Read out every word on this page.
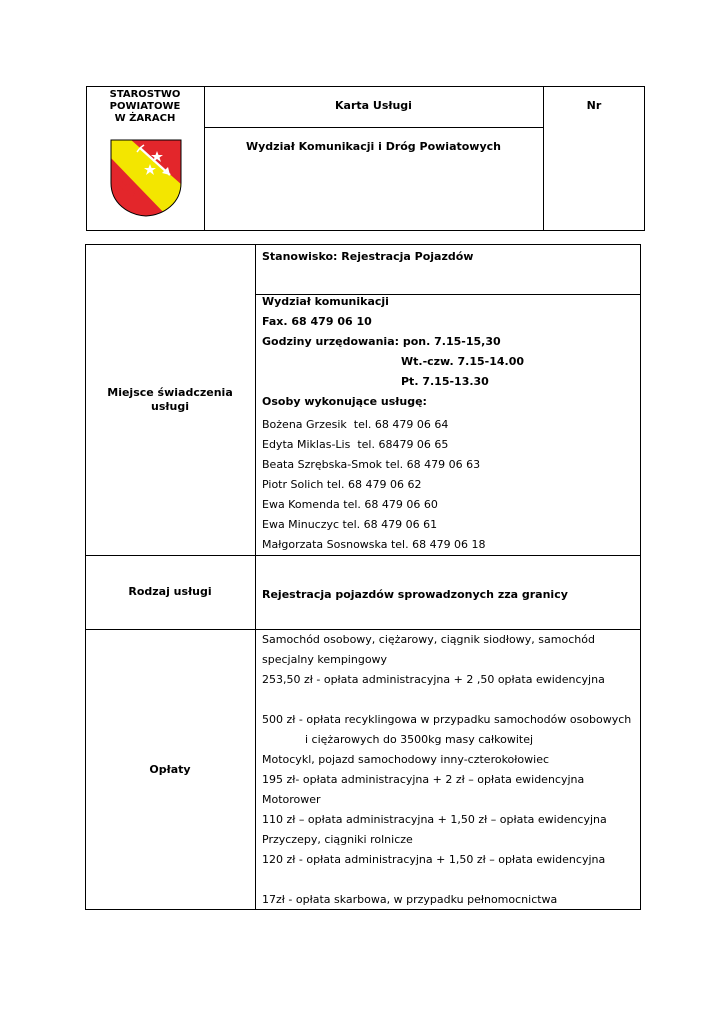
STAROSTWO
POWIATOWE
W ŻARACH
Karta Usługi	Nr
Wydział Komunikacji i Dróg Powiatowych
Stanowisko: Rejestracja Pojazdów
Miejsce świadczenia usługi
Wydział komunikacji
Fax. 68 479 06 10
Godziny urzędowania: pon. 7.15-15,30
Wt.-czw. 7.15-14.00
Pt. 7.15-13.30
Osoby wykonujące usługę:
Bożena Grzesik  tel. 68 479 06 64
Edyta Miklas-Lis  tel. 68479 06 65
Beata Szrębska-Smok tel. 68 479 06 63
Piotr Solich tel. 68 479 06 62
Ewa Komenda tel. 68 479 06 60
Ewa Minuczyc tel. 68 479 06 61
Małgorzata Sosnowska tel. 68 479 06 18
Rodzaj usługi	Rejestracja pojazdów sprowadzonych zza granicy
Opłaty
Samochód osobowy, ciężarowy, ciągnik siodłowy, samochód
specjalny kempingowy
253,50 zł - opłata administracyjna + 2 ,50 opłata ewidencyjna
500 zł - opłata recyklingowa w przypadku samochodów osobowych
i ciężarowych do 3500kg masy całkowitej
Motocykl, pojazd samochodowy inny-czterokołowiec
195 zł- opłata administracyjna + 2 zł – opłata ewidencyjna
Motorower
110 zł – opłata administracyjna + 1,50 zł – opłata ewidencyjna
Przyczepy, ciągniki rolnicze
120 zł - opłata administracyjna + 1,50 zł – opłata ewidencyjna
17zł - opłata skarbowa, w przypadku pełnomocnictwa
